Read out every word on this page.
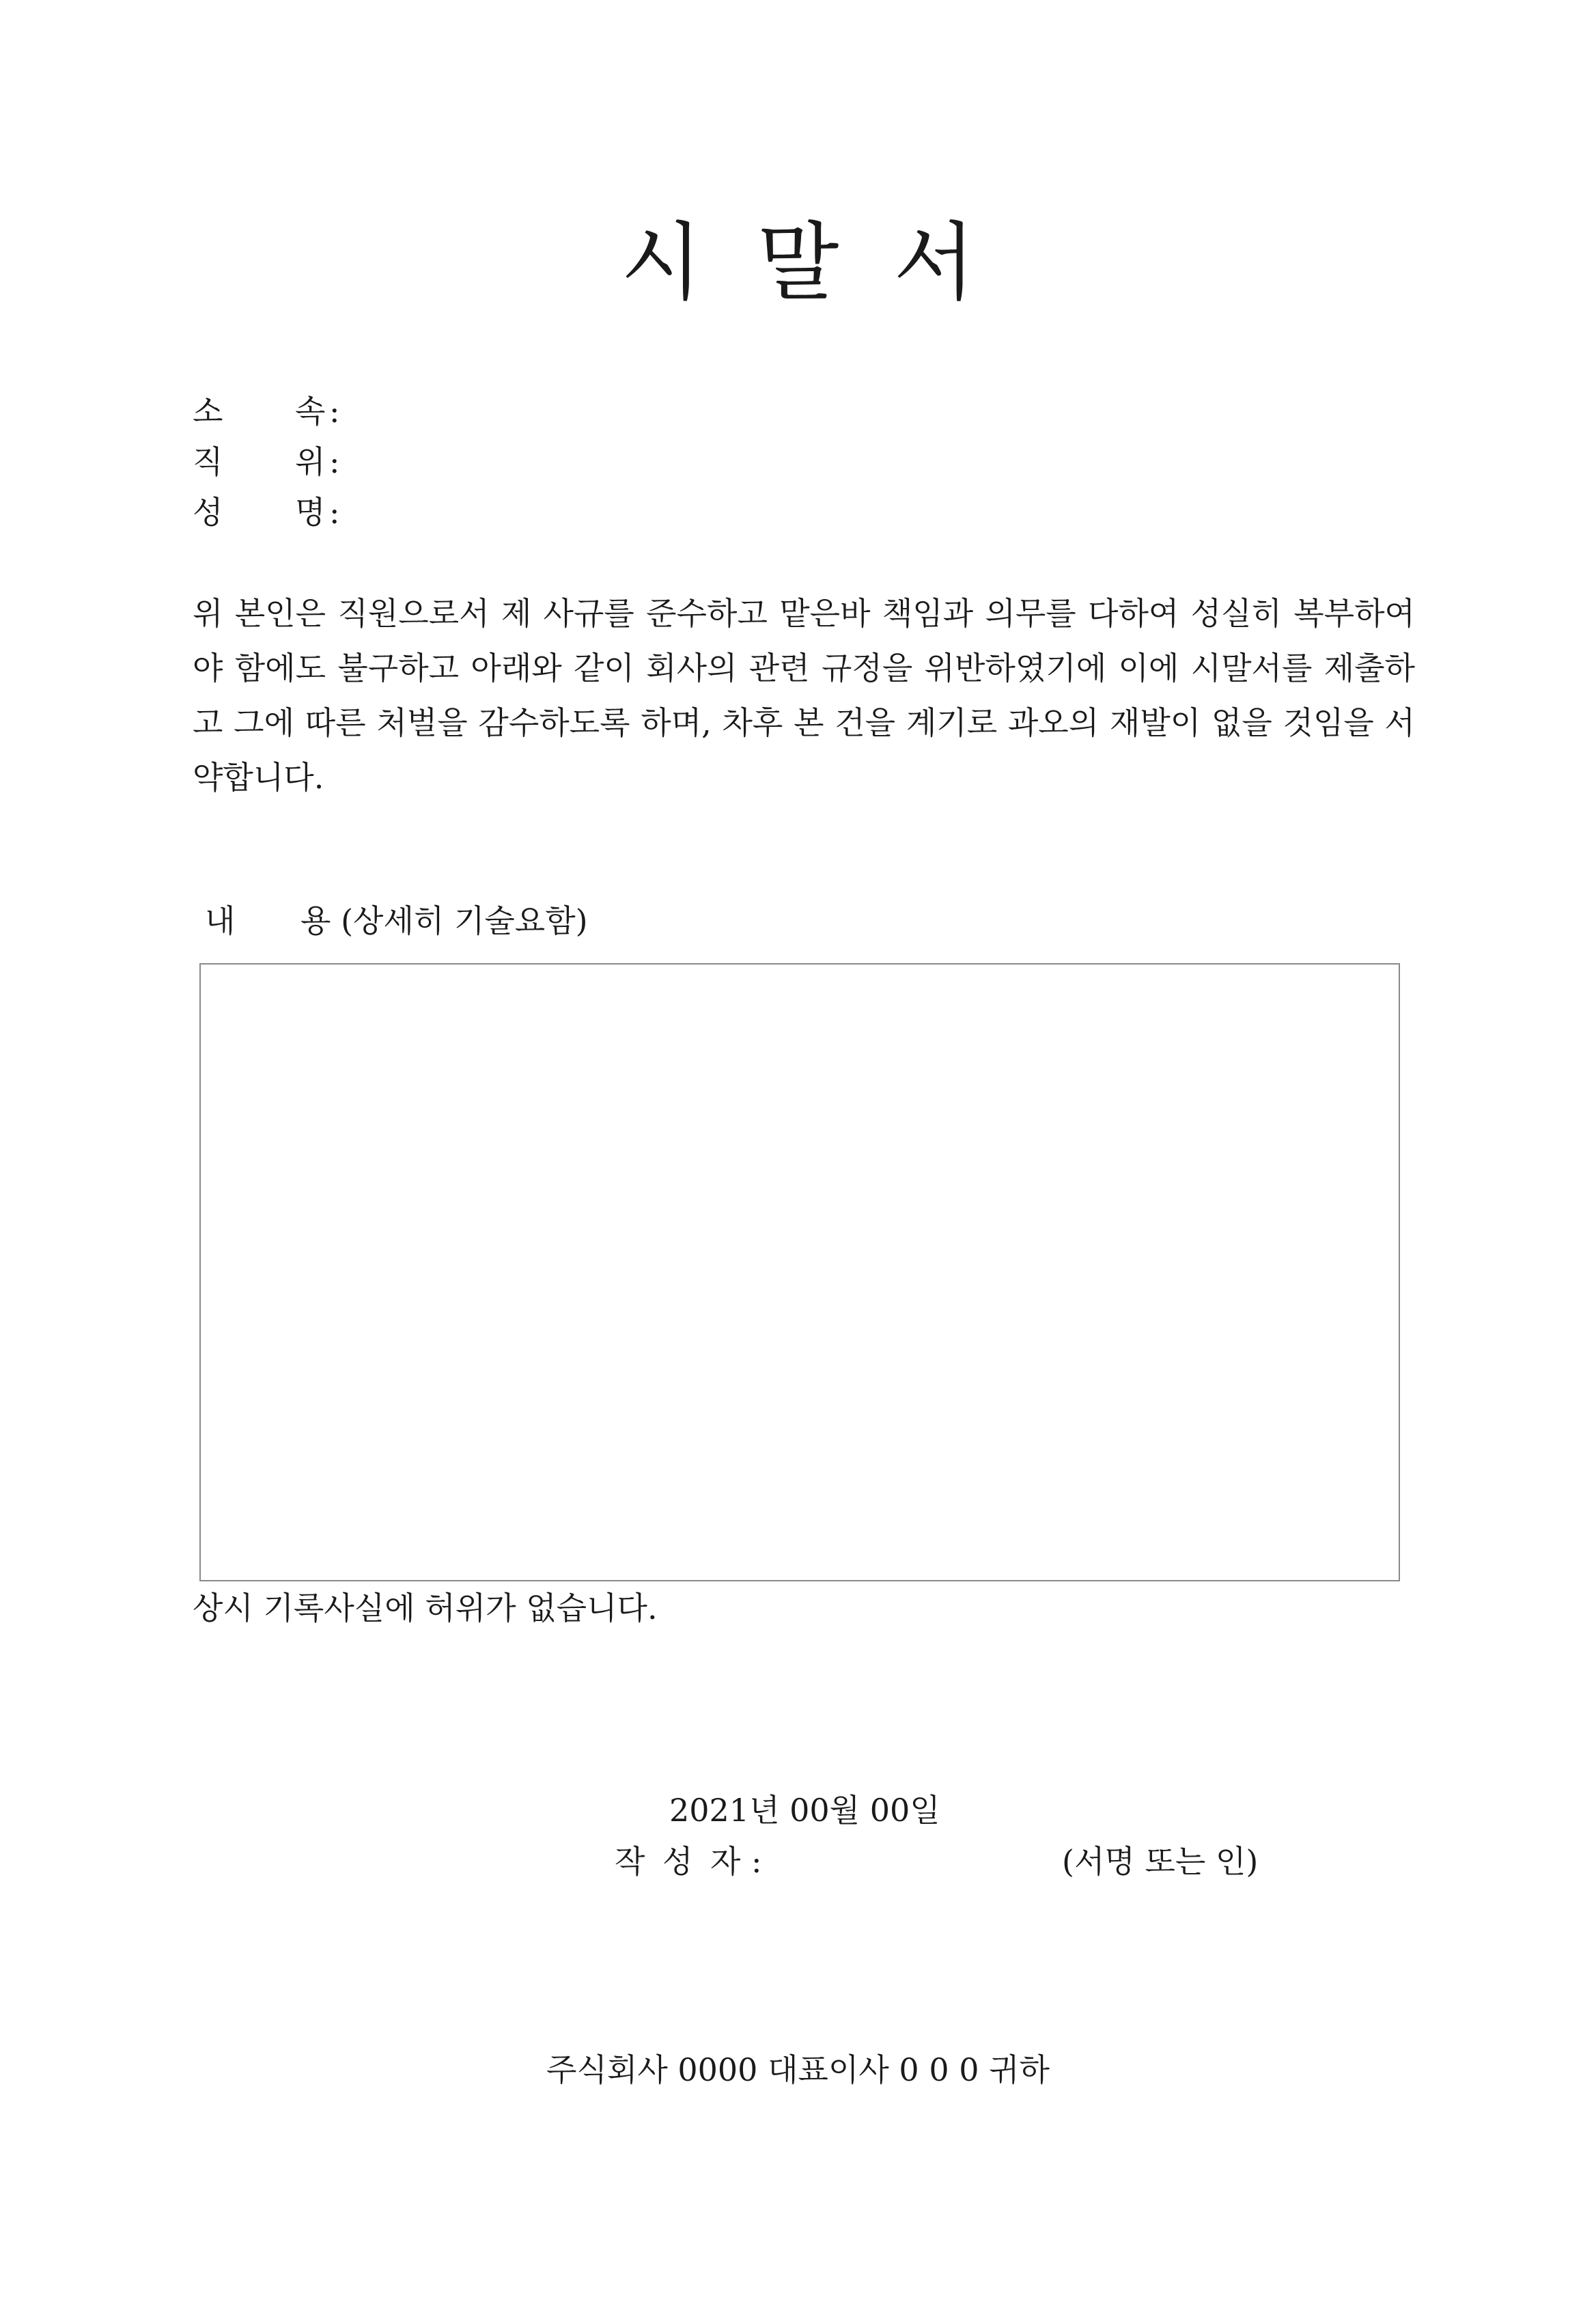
시 말 서
소 속 :
직 위 :
성 명 :
위 본인은 직원으로서 제 사규를 준수하고 맡은바 책임과 의무를 다하여 성실히 복부하여야 함에도 불구하고 아래와 같이 회사의 관련 규정을 위반하였기에 이에 시말서를 제출하고 그에 따른 처벌을 감수하도록 하며, 차후 본 건을 계기로 과오의 재발이 없을 것임을 서약합니다.
내 용 (상세히 기술요함)
상시 기록사실에 허위가 없습니다.
2021년 00월 00일
작 성 자 :	(서명 또는 인)
주식회사 0000 대표이사 0 0 0 귀하
